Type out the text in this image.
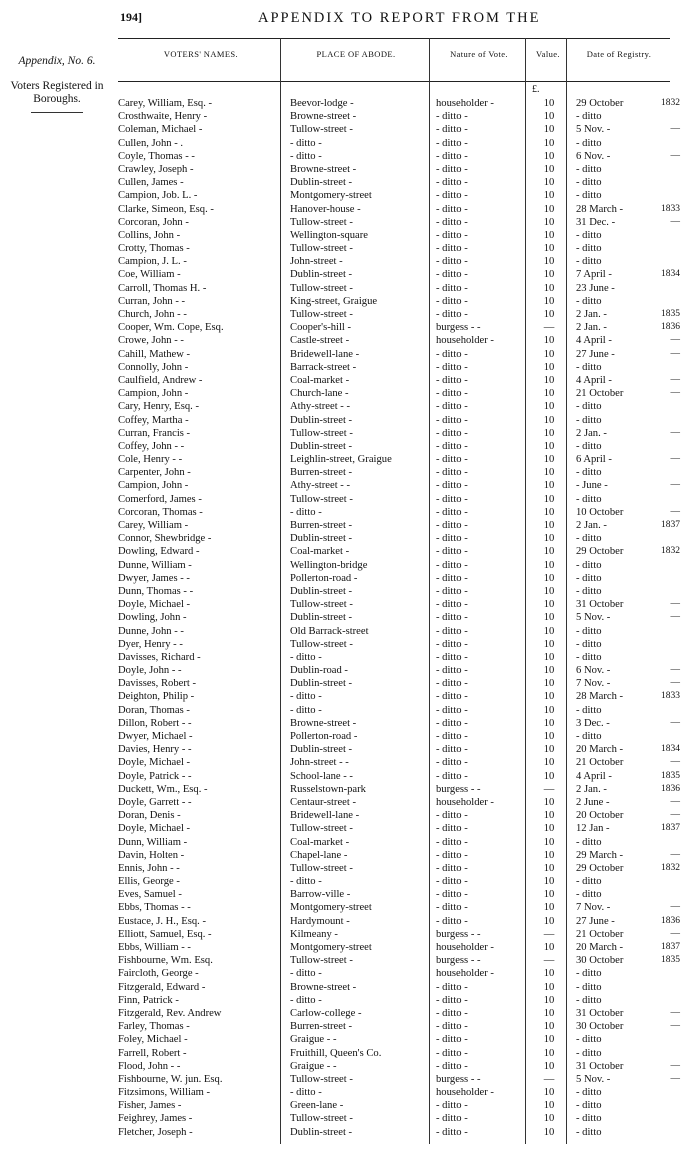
194]	APPENDIX TO REPORT FROM THE
Appendix, No. 6.
Voters Registered in Boroughs.
VOTERS' NAMES.	PLACE OF ABODE.	Nature of Vote.	Value.	Date of Registry.
£.
Carey, William, Esq. -	Beevor-lodge -	householder -	10	29 October	1832
Crosthwaite, Henry -	Browne-street -	- ditto -	10	- ditto
Coleman, Michael -	Tullow-street -	- ditto -	10	5 Nov. -	—
Cullen, John - .	- ditto -	- ditto -	10	- ditto
Coyle, Thomas - -	- ditto -	- ditto -	10	6 Nov. -	—
Crawley, Joseph -	Browne-street -	- ditto -	10	- ditto
Cullen, James -	Dublin-street -	- ditto -	10	- ditto
Campion, Job. L. -	Montgomery-street	- ditto -	10	- ditto
Clarke, Simeon, Esq. -	Hanover-house -	- ditto -	10	28 March -	1833
Corcoran, John -	Tullow-street -	- ditto -	10	31 Dec. -	—
Collins, John -	Wellington-square	- ditto -	10	- ditto
Crotty, Thomas -	Tullow-street -	- ditto -	10	- ditto
Campion, J. L. -	John-street -	- ditto -	10	- ditto
Coe, William -	Dublin-street -	- ditto -	10	7 April -	1834
Carroll, Thomas H. -	Tullow-street -	- ditto -	10	23 June -
Curran, John - -	King-street, Graigue	- ditto -	10	- ditto
Church, John - -	Tullow-street -	- ditto -	10	2 Jan. -	1835
Cooper, Wm. Cope, Esq.	Cooper's-hill -	burgess - -	—	2 Jan. -	1836
Crowe, John - -	Castle-street -	householder -	10	4 April -	—
Cahill, Mathew -	Bridewell-lane -	- ditto -	10	27 June -	—
Connolly, John -	Barrack-street -	- ditto -	10	- ditto
Caulfield, Andrew -	Coal-market -	- ditto -	10	4 April -	—
Campion, John -	Church-lane -	- ditto -	10	21 October	—
Cary, Henry, Esq. -	Athy-street - -	- ditto -	10	- ditto
Coffey, Martha -	Dublin-street -	- ditto -	10	- ditto
Curran, Francis -	Tullow-street -	- ditto -	10	2 Jan. -	—
Coffey, John - -	Dublin-street -	- ditto -	10	- ditto
Cole, Henry - -	Leighlin-street, Graigue	- ditto -	10	6 April -	—
Carpenter, John -	Burren-street -	- ditto -	10	- ditto
Campion, John -	Athy-street - -	- ditto -	10	- June -	—
Comerford, James -	Tullow-street -	- ditto -	10	- ditto
Corcoran, Thomas -	- ditto -	- ditto -	10	10 October	—
Carey, William -	Burren-street -	- ditto -	10	2 Jan. -	1837
Connor, Shewbridge -	Dublin-street -	- ditto -	10	- ditto
Dowling, Edward -	Coal-market -	- ditto -	10	29 October	1832
Dunne, William -	Wellington-bridge	- ditto -	10	- ditto
Dwyer, James - -	Pollerton-road -	- ditto -	10	- ditto
Dunn, Thomas - -	Dublin-street -	- ditto -	10	- ditto
Doyle, Michael -	Tullow-street -	- ditto -	10	31 October	—
Dowling, John -	Dublin-street -	- ditto -	10	5 Nov. -	—
Dunne, John - -	Old Barrack-street	- ditto -	10	- ditto
Dyer, Henry - -	Tullow-street -	- ditto -	10	- ditto
Davisses, Richard -	- ditto -	- ditto -	10	- ditto
Doyle, John - -	Dublin-road -	- ditto -	10	6 Nov. -	—
Davisses, Robert -	Dublin-street -	- ditto -	10	7 Nov. -	—
Deighton, Philip -	- ditto -	- ditto -	10	28 March -	1833
Doran, Thomas -	- ditto -	- ditto -	10	- ditto
Dillon, Robert - -	Browne-street -	- ditto -	10	3 Dec. -	—
Dwyer, Michael -	Pollerton-road -	- ditto -	10	- ditto
Davies, Henry - -	Dublin-street -	- ditto -	10	20 March -	1834
Doyle, Michael -	John-street - -	- ditto -	10	21 October	—
Doyle, Patrick - -	School-lane - -	- ditto -	10	4 April -	1835
Duckett, Wm., Esq. -	Russelstown-park	burgess - -	—	2 Jan. -	1836
Doyle, Garrett - -	Centaur-street -	householder -	10	2 June -	—
Doran, Denis -	Bridewell-lane -	- ditto -	10	20 October	—
Doyle, Michael -	Tullow-street -	- ditto -	10	12 Jan -	1837
Dunn, William -	Coal-market -	- ditto -	10	- ditto
Davin, Holten -	Chapel-lane -	- ditto -	10	29 March -	—
Ennis, John - -	Tullow-street -	- ditto -	10	29 October	1832
Ellis, George -	- ditto -	- ditto -	10	- ditto
Eves, Samuel -	Barrow-ville -	- ditto -	10	- ditto
Ebbs, Thomas - -	Montgomery-street	- ditto -	10	7 Nov. -	—
Eustace, J. H., Esq. -	Hardymount -	- ditto -	10	27 June -	1836
Elliott, Samuel, Esq. -	Kilmeany -	burgess - -	—	21 October	—
Ebbs, William - -	Montgomery-street	householder -	10	20 March -	1837
Fishbourne, Wm. Esq.	Tullow-street -	burgess - -	—	30 October	1835
Faircloth, George -	- ditto -	householder -	10	- ditto
Fitzgerald, Edward -	Browne-street -	- ditto -	10	- ditto
Finn, Patrick -	- ditto -	- ditto -	10	- ditto
Fitzgerald, Rev. Andrew	Carlow-college -	- ditto -	10	31 October	—
Farley, Thomas -	Burren-street -	- ditto -	10	30 October	—
Foley, Michael -	Graigue - -	- ditto -	10	- ditto
Farrell, Robert -	Fruithill, Queen's Co.	- ditto -	10	- ditto
Flood, John - -	Graigue - -	- ditto -	10	31 October	—
Fishbourne, W. jun. Esq.	Tullow-street -	burgess - -	—	5 Nov. -	—
Fitzsimons, William -	- ditto -	householder -	10	- ditto
Fisher, James -	Green-lane -	- ditto -	10	- ditto
Feighrey, James -	Tullow-street -	- ditto -	10	- ditto
Fletcher, Joseph -	Dublin-street -	- ditto -	10	- ditto
